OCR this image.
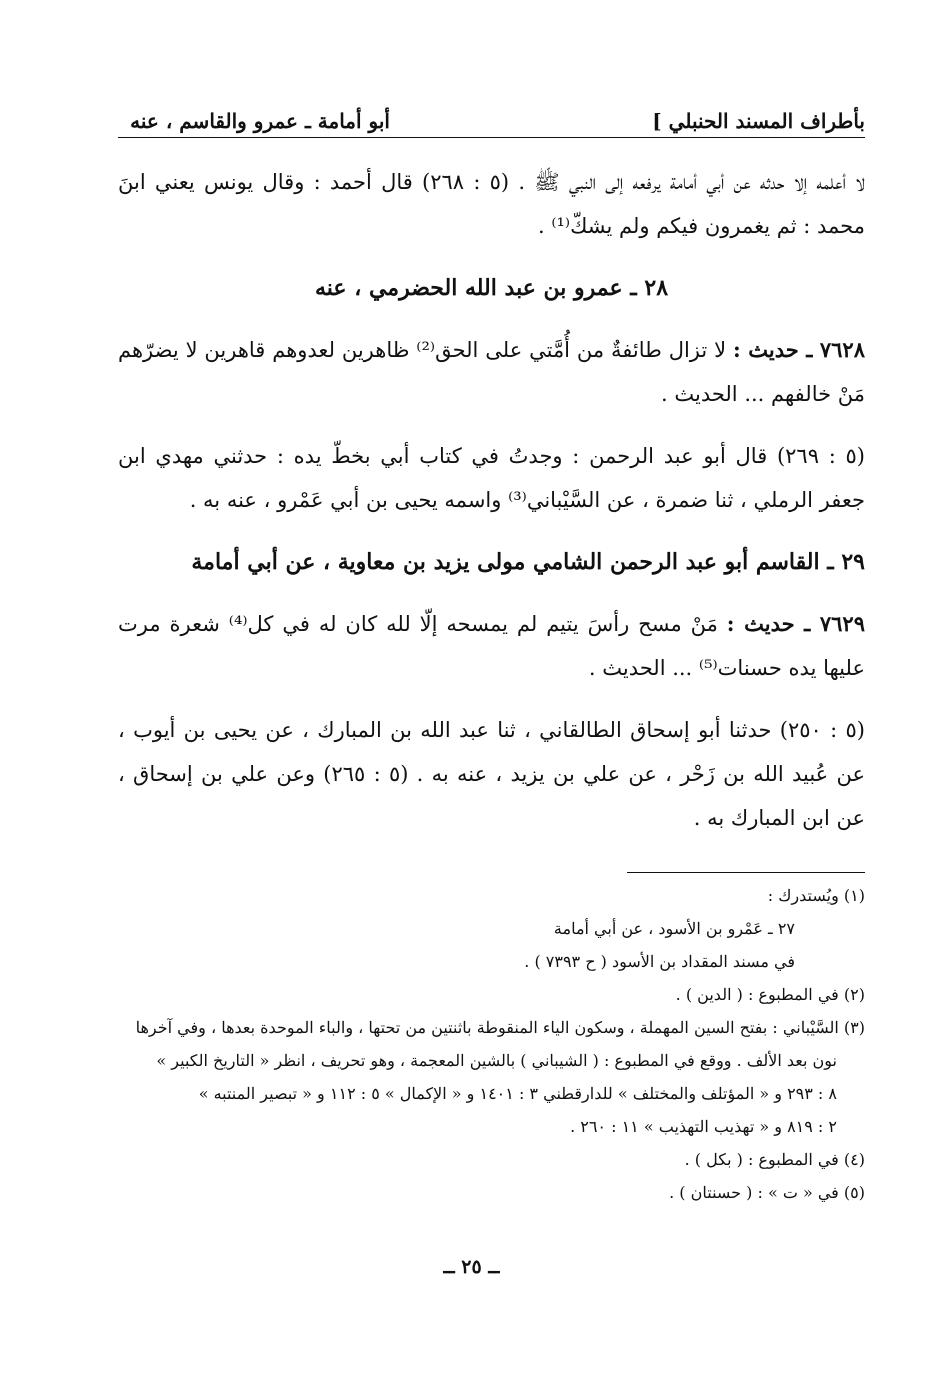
بأطراف المسند الحنبلي ]
أبو أمامة ـ عمرو والقاسم ، عنه

لا أعلمه إلا حدثه عن أبي أمامة يرفعه إلى النبي ﷺ . (٥ : ٢٦٨) قال أحمد : وقال يونس يعني ابنَ محمد : ثم يغمرون فيكم ولم يشكّ⁽¹⁾ .

٢٨ ـ عمرو بن عبد الله الحضرمي ، عنه

٧٦٢٨ ـ حديث : لا تزال طائفةٌ من أُمَّتي على الحق⁽²⁾ ظاهرين لعدوهم قاهرين لا يضرّهم مَنْ خالفهم ... الحديث .

(٥ : ٢٦٩) قال أبو عبد الرحمن : وجدتُ في كتاب أبي بخطّ يده : حدثني مهدي ابن جعفر الرملي ، ثنا ضمرة ، عن السَّيْباني⁽³⁾ واسمه يحيى بن أبي عَمْرو ، عنه به .

٢٩ ـ القاسم أبو عبد الرحمن الشامي مولى يزيد بن معاوية ، عن أبي أمامة

٧٦٢٩ ـ حديث : مَنْ مسح رأسَ يتيم لم يمسحه إلّا لله كان له في كل⁽⁴⁾ شعرة مرت عليها يده حسنات⁽⁵⁾ ... الحديث .

(٥ : ٢٥٠) حدثنا أبو إسحاق الطالقاني ، ثنا عبد الله بن المبارك ، عن يحيى بن أيوب ، عن عُبيد الله بن زَحْر ، عن علي بن يزيد ، عنه به . (٥ : ٢٦٥) وعن علي بن إسحاق ، عن ابن المبارك به .

(١) ويُستدرك :

٢٧ ـ عَمْرو بن الأسود ، عن أبي أمامة

في مسند المقداد بن الأسود ( ح ٧٣٩٣ ) .

(٢) في المطبوع : ( الدين ) .

(٣) السَّيْباني : بفتح السين المهملة ، وسكون الياء المنقوطة باثنتين من تحتها ، والباء الموحدة بعدها ، وفي آخرها

نون بعد الألف . ووقع في المطبوع : ( الشيباني ) بالشين المعجمة ، وهو تحريف ، انظر « التاريخ الكبير »

٨ : ٢٩٣ و « المؤتلف والمختلف » للدارقطني ٣ : ١٤٠١ و « الإكمال » ٥ : ١١٢ و « تبصير المنتبه »

٢ : ٨١٩ و « تهذيب التهذيب » ١١ : ٢٦٠ .

(٤) في المطبوع : ( بكل ) .

(٥) في « ت » : ( حسنتان ) .

ــ ٢٥ ــ
